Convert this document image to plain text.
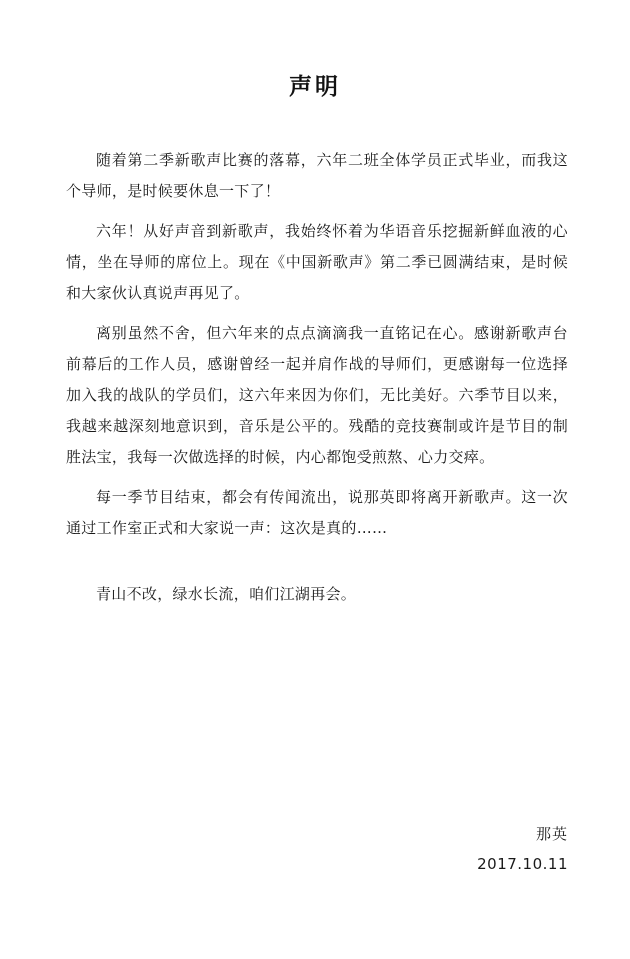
声明

随着第二季新歌声比赛的落幕，六年二班全体学员正式毕业，而我这个导师，是时候要休息一下了！

六年！从好声音到新歌声，我始终怀着为华语音乐挖掘新鲜血液的心情，坐在导师的席位上。现在《中国新歌声》第二季已圆满结束，是时候和大家伙认真说声再见了。

离别虽然不舍，但六年来的点点滴滴我一直铭记在心。感谢新歌声台前幕后的工作人员，感谢曾经一起并肩作战的导师们，更感谢每一位选择加入我的战队的学员们，这六年来因为你们，无比美好。六季节目以来，我越来越深刻地意识到，音乐是公平的。残酷的竞技赛制或许是节目的制胜法宝，我每一次做选择的时候，内心都饱受煎熬、心力交瘁。

每一季节目结束，都会有传闻流出，说那英即将离开新歌声。这一次通过工作室正式和大家说一声：这次是真的……

青山不改，绿水长流，咱们江湖再会。

那英
2017.10.11
